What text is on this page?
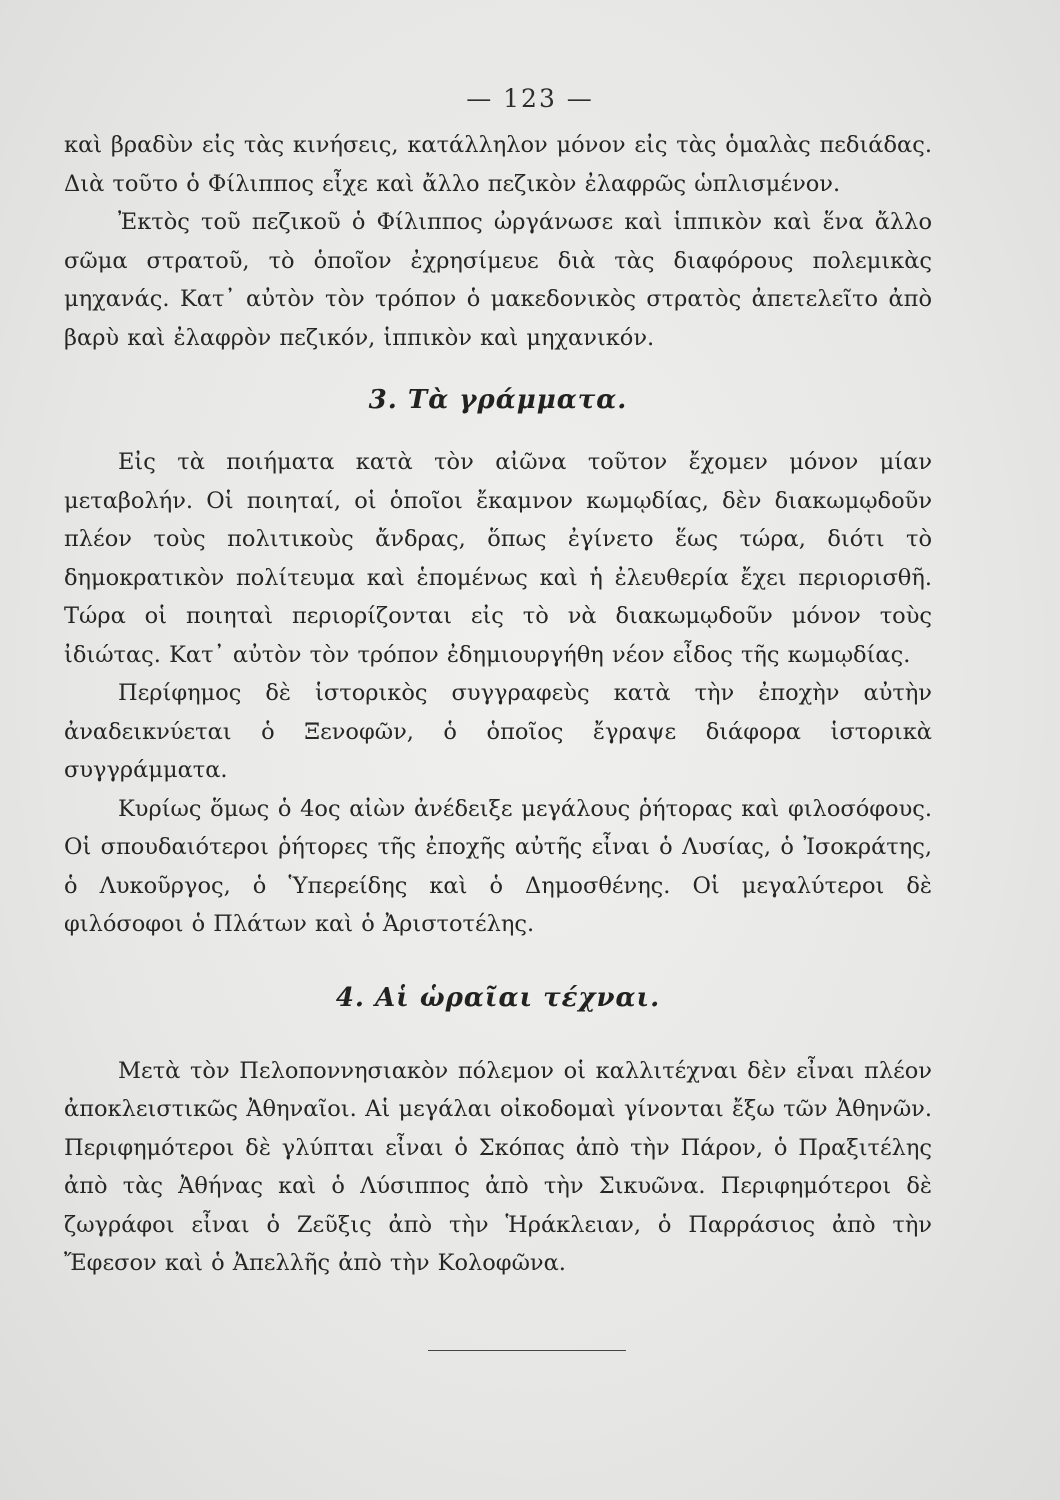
— 123 —

καὶ βραδὺν εἰς τὰς κινήσεις, κατάλληλον μόνον εἰς τὰς ὁμαλὰς πεδιάδας. Διὰ τοῦτο ὁ Φίλιππος εἶχε καὶ ἄλλο πεζικὸν ἐλαφρῶς ὡπλισμένον.

Ἐκτὸς τοῦ πεζικοῦ ὁ Φίλιππος ὠργάνωσε καὶ ἱππικὸν καὶ ἕνα ἄλλο σῶμα στρατοῦ, τὸ ὁποῖον ἐχρησίμευε διὰ τὰς διαφόρους πολεμικὰς μηχανάς. Κατ᾽ αὐτὸν τὸν τρόπον ὁ μακεδονικὸς στρατὸς ἀπετελεῖτο ἀπὸ βαρὺ καὶ ἐλαφρὸν πεζικόν, ἱππικὸν καὶ μηχανικόν.

3. Τὰ γράμματα.

Εἰς τὰ ποιήματα κατὰ τὸν αἰῶνα τοῦτον ἔχομεν μόνον μίαν μεταβολήν. Οἱ ποιηταί, οἱ ὁποῖοι ἔκαμνον κωμῳδίας, δὲν διακωμῳδοῦν πλέον τοὺς πολιτικοὺς ἄνδρας, ὅπως ἐγίνετο ἕως τώρα, διότι τὸ δημοκρατικὸν πολίτευμα καὶ ἑπομένως καὶ ἡ ἐλευθερία ἔχει περιορισθῆ. Τώρα οἱ ποιηταὶ περιορίζονται εἰς τὸ νὰ διακωμῳδοῦν μόνον τοὺς ἰδιώτας. Κατ᾽ αὐτὸν τὸν τρόπον ἐδημιουργήθη νέον εἶδος τῆς κωμῳδίας.

Περίφημος δὲ ἱστορικὸς συγγραφεὺς κατὰ τὴν ἐποχὴν αὐτὴν ἀναδεικνύεται ὁ Ξενοφῶν, ὁ ὁποῖος ἔγραψε διάφορα ἱστορικὰ συγγράμματα.

Κυρίως ὅμως ὁ 4ος αἰὼν ἀνέδειξε μεγάλους ῥήτορας καὶ φιλοσόφους. Οἱ σπουδαιότεροι ῥήτορες τῆς ἐποχῆς αὐτῆς εἶναι ὁ Λυσίας, ὁ Ἰσοκράτης, ὁ Λυκοῦργος, ὁ Ὑπερείδης καὶ ὁ Δημοσθένης. Οἱ μεγαλύτεροι δὲ φιλόσοφοι ὁ Πλάτων καὶ ὁ Ἀριστοτέλης.

4. Αἱ ὡραῖαι τέχναι.

Μετὰ τὸν Πελοποννησιακὸν πόλεμον οἱ καλλιτέχναι δὲν εἶναι πλέον ἀποκλειστικῶς Ἀθηναῖοι. Αἱ μεγάλαι οἰκοδομαὶ γίνονται ἔξω τῶν Ἀθηνῶν. Περιφημότεροι δὲ γλύπται εἶναι ὁ Σκόπας ἀπὸ τὴν Πάρον, ὁ Πραξιτέλης ἀπὸ τὰς Ἀθήνας καὶ ὁ Λύσιππος ἀπὸ τὴν Σικυῶνα. Περιφημότεροι δὲ ζωγράφοι εἶναι ὁ Ζεῦξις ἀπὸ τὴν Ἡράκλειαν, ὁ Παρράσιος ἀπὸ τὴν Ἔφεσον καὶ ὁ Ἀπελλῆς ἀπὸ τὴν Κολοφῶνα.
